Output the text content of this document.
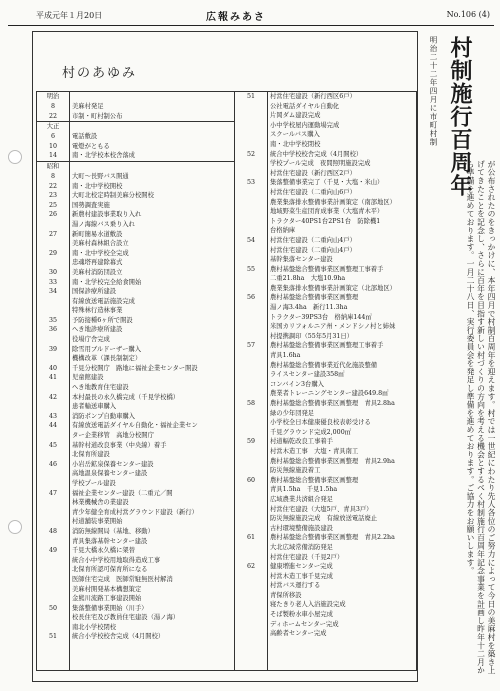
平成元年１月20日	広報みあさ	No.106 (4)
村のあゆみ
明治
8	美麻村発足
22	市制・町村制公布
大正
6	電話敷設
10	電燈がともる
14	南・北学校本校舎落成
昭和
8	大町〜長野バス開通
22	南・北中学校開校
23	大町北校定時制美麻分校開校
25	国勢調査実施
26	新農村建設事業取り入れ
湯ノ海線バス乗り入れ
27	新町簡易水道敷設
美麻村森林組合設立
29	南・北中学校全完成
忠魂塔再建除幕式
30	美麻村消防団設立
33	南・北学校完全給食開始
34	国保診療所建設
有線放送電話施設完成
特殊林行造林事業
35	予防接種6ヶ所で開設
36	へき地診療所建設
役場庁舎完成
39	除雪用ブルドーザー購入
機構改革（課長制制定）
40	千見分校開庁　路地に福祉企業センター開設
41	児童館建設
へき地教育住宅建設
42	本村最長の永久橋完成（千見学校橋）
患者輸送車購入
43	消防ポンプ自動車購入
44	有線放送電話ダイヤル自動化・福祉企業セン
ター企業移管　高地分校開庁
45	基幹村道改良事業（中央線）着手
北保育所建設
46	小岩岳鉱泉保養センター建設
高地温泉保養センター建設
学校プール建設
47	福祉企業センター建設（二重元／開
林業機械舎の業建設
青少年健全育成村営グラウンド建設（新行）
村道舗装事業開始
48	消防無線開局（基地、移動）
青具集落基幹センター建設
49	千見大橋永久橋に架替
統合小中学校用地取得造成工事
北保育所認可保育所になる
医師住宅完成　医師常駐無医村解消
美麻村開発基本構想策定
金熊川流路工事建設開始
50	集落整備事業開始（川手）
校長住宅及び教員住宅建設（湯ノ海）
南北小学校閉校
51	統合小学校校舎完成（4月開校）
51	村営住宅建設（新行西区6戸）
公社電話ダイヤル自動化
片岡ダム建設完成
小中学校屋内運動場完成
スクールバス購入
南・北中学校閉校
52	統合中学校校舎完成（4月開校）
学校プール完成　夜間照明施設完成
村営住宅建設（新行西区2戸）
53	集落整備事業完了（千見・大塩・米山）
村営住宅建設（二重向山6戸）
農業集落排水整備事業計画策定（南部地区）
地域野菜生産団育成事業（大塩青木平）
トラクター40PS1台2PS1台　防除機1
台格納庫
54	村営住宅建設（二重向山4戸）
村営住宅建設（二重向山4戸）
基幹集落センター建設
55	農村基盤総合整備事業区画整理工事着手
二重21.8ha　大塩10.9ha
農業集落排水整備事業計画策定（北部地区）
56	農村基盤総合整備事業区画整理
湯ノ海3.4ha　新行11.3ha
トラクター39PS3台　格納庫144㎡
米国カリフォルニア州・メンドシノ村と姉妹
村提携調印（55年5月31日）
57	農村基盤総合整備事業区画整理工事着手
青具1.6ha
農村基盤総合整備事業近代化施設整備
ライスセンター建設358㎡
コンバイン3台購入
農業者トレーニングセンター建設649.8㎡
58	農村基盤総合整備事業区画整理　青具2.8ha
緑の少年団発足
小学校全日本健康優良校表彰受ける
千見グラウンド完成2,000㎡
59	村道幅乾改良工事着手
村営木造工事　大塩・青具南工
農村基盤総合整備事業区画整理　青具2.9ha
防災無線施設着工
60	農村基盤総合整備事業区画整理
青具1.5ha　千見1.5ha
広域農業共済組合発足
村営住宅建設（大塩5戸、青具3戸）
防災無線施設完成　有線放送電話廃止
古村環境整備施設建設
61	農村基盤総合整備事業区画整理　青具2.2ha
大北広域常備消防発足
村営住宅建設（千見2戸）
62	健康増進センター完成
村営木造工事千見完成
村営バス運行する
青保所移設
寝たきり老人入浴施設完成
そば製粉水車小屋完成
ディホームセンター完成
高齢者センター完成
村制施行百周年
明治二十二年四月に市町村制
が公布されたのをきっかけに、本年四月で村制百周年を迎えます。村では一世紀にわたり先人各位のご努力によって今日の美麻村を築き上げてきたことを記念し、さらに百年を目指す新しい村づくりの方向を考える機会とするべく村制施行百周年記念事業を計画し昨年十二月から準備を進めております。一月二十八日、実行委員会を発足し準備を進めております。ご協力をお願いします。
